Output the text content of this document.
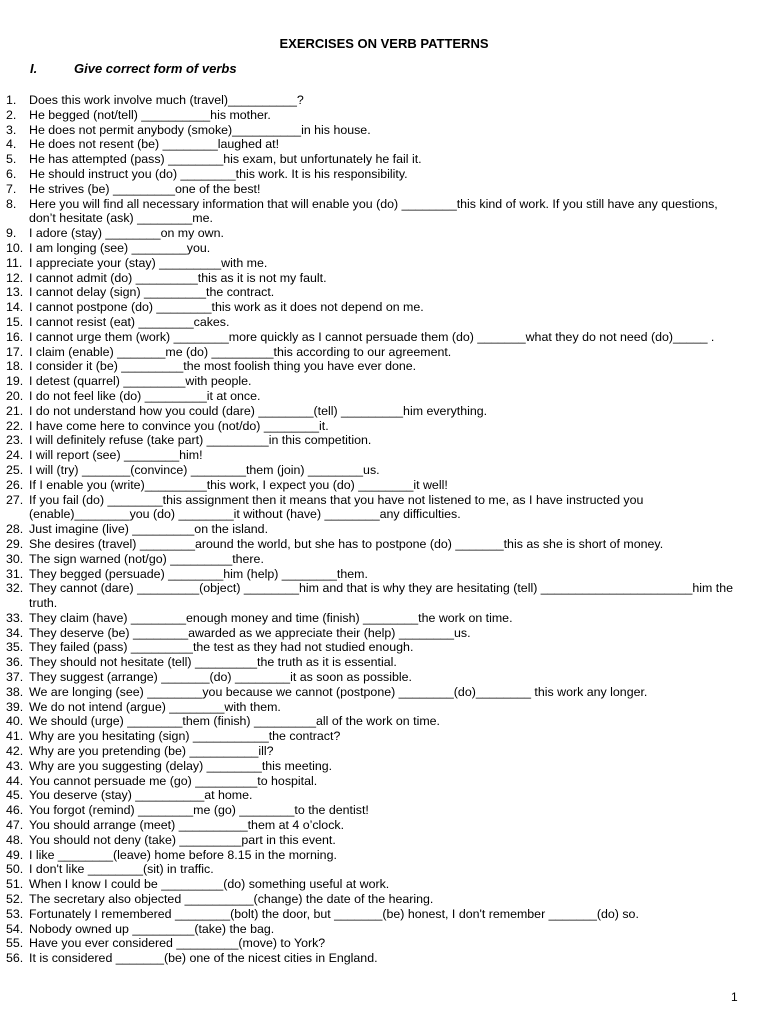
EXERCISES ON VERB PATTERNS
I.	Give correct form of verbs
1.	Does this work involve much (travel)__________?
2.	He begged (not/tell) __________his mother.
3.	He does not permit anybody (smoke)__________in his house.
4.	He does not resent (be) ________laughed at!
5.	He has attempted (pass) ________his exam, but unfortunately he fail it.
6.	He should instruct you (do) ________this work. It is his responsibility.
7.	He strives (be) _________one of the best!
8.	Here you will find all necessary information that will enable you (do) ________this kind of work. If you still have any questions, don’t hesitate (ask) ________me.
9.	I adore (stay) ________on my own.
10. I am longing (see) ________you.
11. I appreciate your (stay) _________with me.
12. I cannot admit (do) _________this as it is not my fault.
13. I cannot delay (sign) _________the contract.
14. I cannot postpone (do) ________this work as it does not depend on me.
15. I cannot resist (eat) ________cakes.
16. I cannot urge them (work) ________more quickly as I cannot persuade them (do) _______what they do not need (do)_____ .
17. I claim (enable) _______me (do) _________this according to our agreement.
18. I consider it (be) _________the most foolish thing you have ever done.
19. I detest (quarrel) _________with people.
20. I do not feel like (do) _________it at once.
21. I do not understand how you could (dare) ________(tell) _________him everything.
22. I have come here to convince you (not/do) ________it.
23. I will definitely refuse (take part) _________in this competition.
24. I will report (see) ________him!
25. I will (try) _______(convince) ________them (join) ________us.
26. If I enable you (write)_________this work, I expect you (do) ________it well!
27. If you fail (do) ________this assignment then it means that you have not listened to me, as I have instructed you (enable)________you (do) ________it without (have) ________any difficulties.
28. Just imagine (live) _________on the island.
29. She desires (travel) ________around the world, but she has to postpone (do) _______this as she is short of money.
30. The sign warned (not/go) _________there.
31. They begged (persuade) ________him (help) ________them.
32. They cannot (dare) _________(object) ________him and that is why they are hesitating (tell) ______________________him the truth.
33. They claim (have) ________enough money and time (finish) ________the work on time.
34. They deserve (be) ________awarded as we appreciate their (help) ________us.
35. They failed (pass) _________the test as they had not studied enough.
36. They should not hesitate (tell) _________the truth as it is essential.
37. They suggest (arrange) _______(do) ________it as soon as possible.
38. We are longing (see) ________you because we cannot (postpone) ________(do)________ this work any longer.
39. We do not intend (argue) ________with them.
40. We should (urge) ________them (finish) _________all of the work on time.
41. Why are you hesitating (sign) ___________the contract?
42. Why are you pretending (be) __________ill?
43. Why are you suggesting (delay) ________this meeting.
44. You cannot persuade me (go) _________to hospital.
45. You deserve (stay) __________at home.
46. You forgot (remind) ________me (go) ________to the dentist!
47. You should arrange (meet) __________them at 4 o’clock.
48. You should not deny (take) _________part in this event.
49. I like ________(leave) home before 8.15 in the morning.
50. I don't like ________(sit) in traffic.
51. When I know I could be _________(do) something useful at work.
52. The secretary also objected __________(change) the date of the hearing.
53. Fortunately I remembered ________(bolt) the door, but _______(be) honest, I don't remember _______(do) so.
54. Nobody owned up _________(take) the bag.
55. Have you ever considered _________(move) to York?
56. It is considered _______(be) one of the nicest cities in England.
1
